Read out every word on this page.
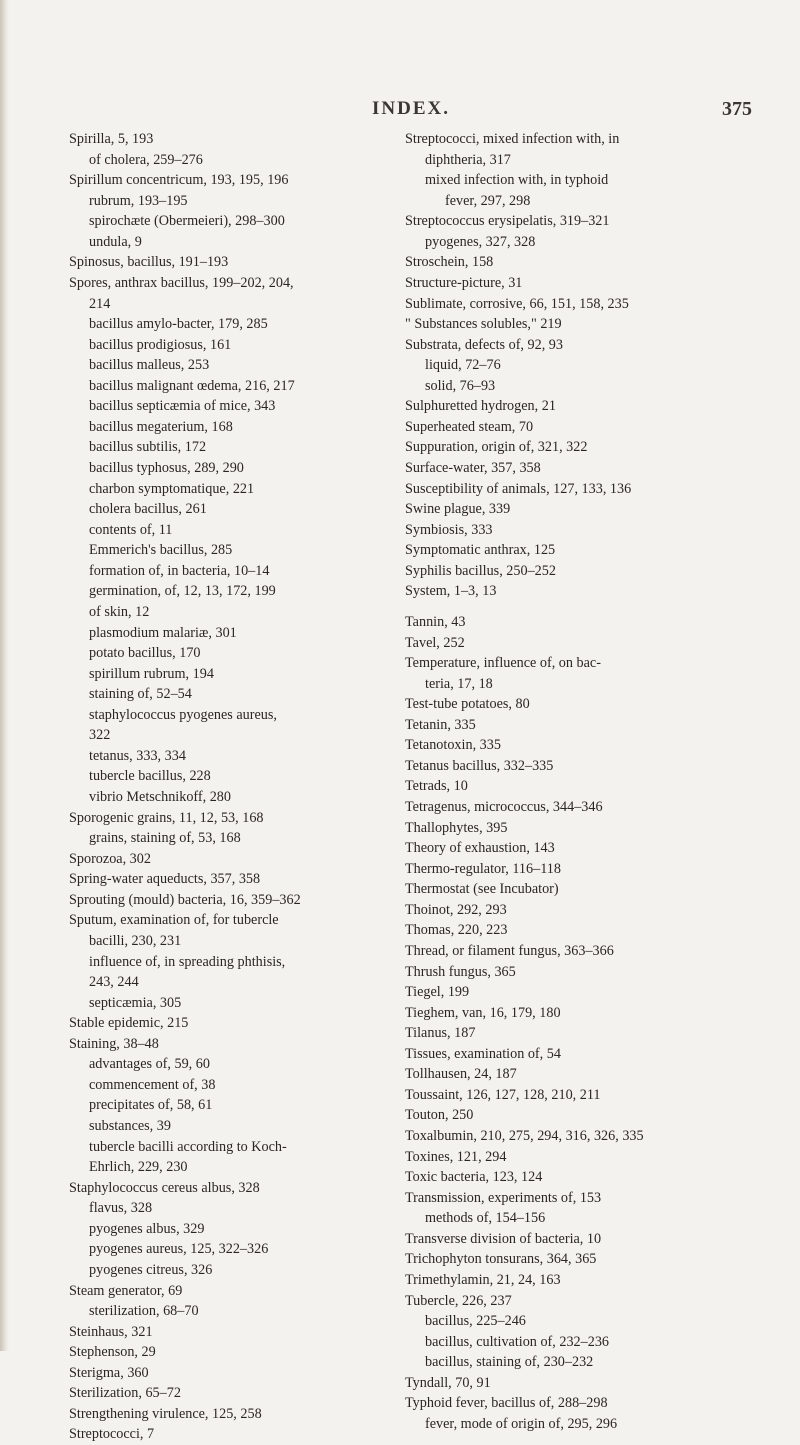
INDEX.	375
Spirilla, 5, 193
of cholera, 259–276
Spirillum concentricum, 193, 195, 196
rubrum, 193–195
spirochæte (Obermeieri), 298–300
undula, 9
Spinosus, bacillus, 191–193
Spores, anthrax bacillus, 199–202, 204,
214
bacillus amylo-bacter, 179, 285
bacillus prodigiosus, 161
bacillus malleus, 253
bacillus malignant œdema, 216, 217
bacillus septicæmia of mice, 343
bacillus megaterium, 168
bacillus subtilis, 172
bacillus typhosus, 289, 290
charbon symptomatique, 221
cholera bacillus, 261
contents of, 11
Emmerich's bacillus, 285
formation of, in bacteria, 10–14
germination, of, 12, 13, 172, 199
of skin, 12
plasmodium malariæ, 301
potato bacillus, 170
spirillum rubrum, 194
staining of, 52–54
staphylococcus pyogenes aureus,
322
tetanus, 333, 334
tubercle bacillus, 228
vibrio Metschnikoff, 280
Sporogenic grains, 11, 12, 53, 168
grains, staining of, 53, 168
Sporozoa, 302
Spring-water aqueducts, 357, 358
Sprouting (mould) bacteria, 16, 359–362
Sputum, examination of, for tubercle
bacilli, 230, 231
influence of, in spreading phthisis,
243, 244
septicæmia, 305
Stable epidemic, 215
Staining, 38–48
advantages of, 59, 60
commencement of, 38
precipitates of, 58, 61
substances, 39
tubercle bacilli according to Koch-
Ehrlich, 229, 230
Staphylococcus cereus albus, 328
flavus, 328
pyogenes albus, 329
pyogenes aureus, 125, 322–326
pyogenes citreus, 326
Steam generator, 69
sterilization, 68–70
Steinhaus, 321
Stephenson, 29
Sterigma, 360
Sterilization, 65–72
Strengthening virulence, 125, 258
Streptococci, 7
Streptococci, mixed infection with, in
diphtheria, 317
mixed infection with, in typhoid
fever, 297, 298
Streptococcus erysipelatis, 319–321
pyogenes, 327, 328
Stroschein, 158
Structure-picture, 31
Sublimate, corrosive, 66, 151, 158, 235
" Substances solubles," 219
Substrata, defects of, 92, 93
liquid, 72–76
solid, 76–93
Sulphuretted hydrogen, 21
Superheated steam, 70
Suppuration, origin of, 321, 322
Surface-water, 357, 358
Susceptibility of animals, 127, 133, 136
Swine plague, 339
Symbiosis, 333
Symptomatic anthrax, 125
Syphilis bacillus, 250–252
System, 1–3, 13
Tannin, 43
Tavel, 252
Temperature, influence of, on bac-
teria, 17, 18
Test-tube potatoes, 80
Tetanin, 335
Tetanotoxin, 335
Tetanus bacillus, 332–335
Tetrads, 10
Tetragenus, micrococcus, 344–346
Thallophytes, 395
Theory of exhaustion, 143
Thermo-regulator, 116–118
Thermostat (see Incubator)
Thoinot, 292, 293
Thomas, 220, 223
Thread, or filament fungus, 363–366
Thrush fungus, 365
Tiegel, 199
Tieghem, van, 16, 179, 180
Tilanus, 187
Tissues, examination of, 54
Tollhausen, 24, 187
Toussaint, 126, 127, 128, 210, 211
Touton, 250
Toxalbumin, 210, 275, 294, 316, 326, 335
Toxines, 121, 294
Toxic bacteria, 123, 124
Transmission, experiments of, 153
methods of, 154–156
Transverse division of bacteria, 10
Trichophyton tonsurans, 364, 365
Trimethylamin, 21, 24, 163
Tubercle, 226, 237
bacillus, 225–246
bacillus, cultivation of, 232–236
bacillus, staining of, 230–232
Tyndall, 70, 91
Typhoid fever, bacillus of, 288–298
fever, mode of origin of, 295, 296
